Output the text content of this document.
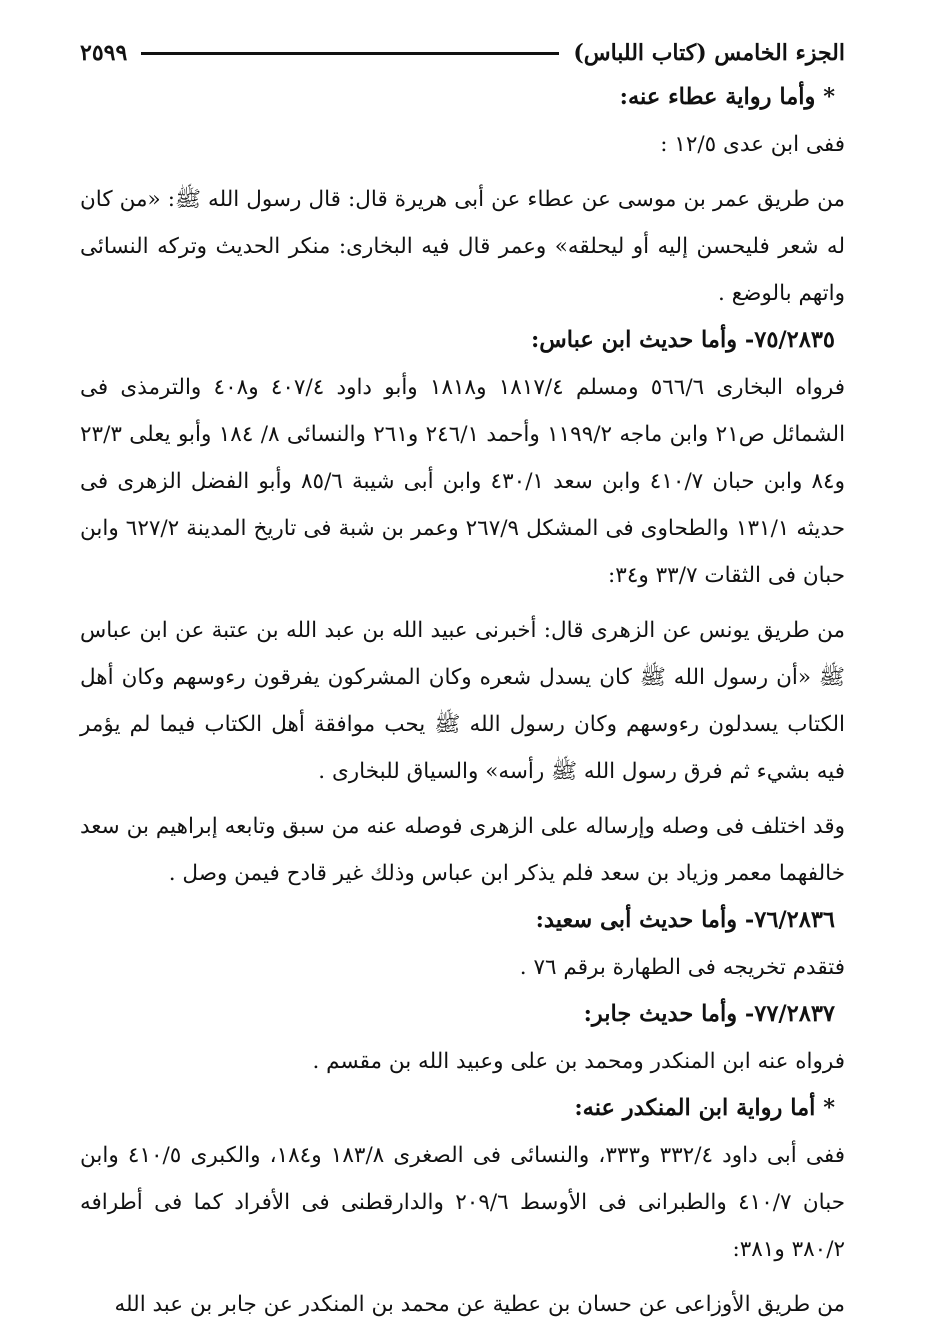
الجزء الخامس (كتاب اللباس)
٢٥٩٩
* وأما رواية عطاء عنه:
ففى ابن عدى ١٢/٥ :
من طريق عمر بن موسى عن عطاء عن أبى هريرة قال: قال رسول الله ﷺ: «من كان له شعر فليحسن إليه أو ليحلقه» وعمر قال فيه البخارى: منكر الحديث وتركه النسائى واتهم بالوضع .
٧٥/٢٨٣٥- وأما حديث ابن عباس:
فرواه البخارى ٥٦٦/٦ ومسلم ١٨١٧/٤ و١٨١٨ وأبو داود ٤٠٧/٤ و٤٠٨ والترمذى فى الشمائل ص٢١ وابن ماجه ١١٩٩/٢ وأحمد ٢٤٦/١ و٢٦١ والنسائى ٨/ ١٨٤ وأبو يعلى ٢٣/٣ و٨٤ وابن حبان ٤١٠/٧ وابن سعد ٤٣٠/١ وابن أبى شيبة ٨٥/٦ وأبو الفضل الزهرى فى حديثه ١٣١/١ والطحاوى فى المشكل ٢٦٧/٩ وعمر بن شبة فى تاريخ المدينة ٦٢٧/٢ وابن حبان فى الثقات ٣٣/٧ و٣٤:
من طريق يونس عن الزهرى قال: أخبرنى عبيد الله بن عبد الله بن عتبة عن ابن عباس ﷺ «أن رسول الله ﷺ كان يسدل شعره وكان المشركون يفرقون رءوسهم وكان أهل الكتاب يسدلون رءوسهم وكان رسول الله ﷺ يحب موافقة أهل الكتاب فيما لم يؤمر فيه بشيء ثم فرق رسول الله ﷺ رأسه» والسياق للبخارى .
وقد اختلف فى وصله وإرساله على الزهرى فوصله عنه من سبق وتابعه إبراهيم بن سعد خالفهما معمر وزياد بن سعد فلم يذكر ابن عباس وذلك غير قادح فيمن وصل .
٧٦/٢٨٣٦- وأما حديث أبى سعيد:
فتقدم تخريجه فى الطهارة برقم ٧٦ .
٧٧/٢٨٣٧- وأما حديث جابر:
فرواه عنه ابن المنكدر ومحمد بن على وعبيد الله بن مقسم .
* أما رواية ابن المنكدر عنه:
ففى أبى داود ٣٣٢/٤ و٣٣٣، والنسائى فى الصغرى ١٨٣/٨ و١٨٤، والكبرى ٤١٠/٥ وابن حبان ٤١٠/٧ والطبرانى فى الأوسط ٢٠٩/٦ والدارقطنى فى الأفراد كما فى أطرافه ٣٨٠/٢ و٣٨١:
من طريق الأوزاعى عن حسان بن عطية عن محمد بن المنكدر عن جابر بن عبد الله
